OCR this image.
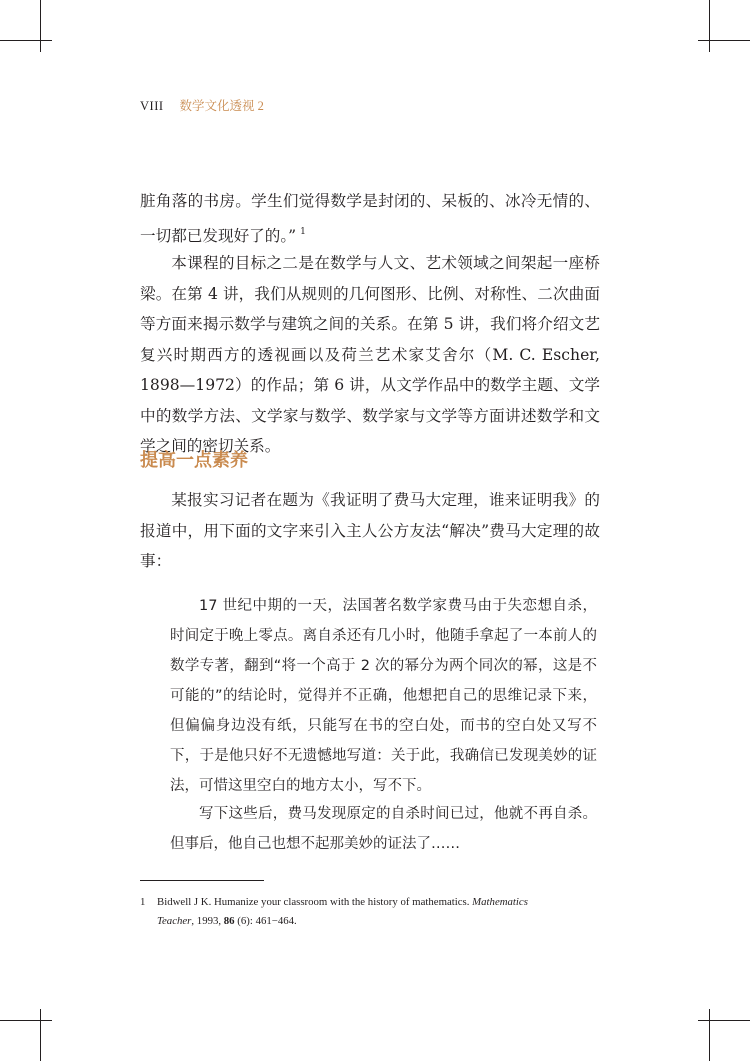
VIII 数学文化透视 2

脏角落的书房。学生们觉得数学是封闭的、呆板的、冰冷无情的、一切都已发现好了的。” $^1$

本课程的目标之二是在数学与人文、艺术领域之间架起一座桥梁。在第 4 讲，我们从规则的几何图形、比例、对称性、二次曲面等方面来揭示数学与建筑之间的关系。在第 5 讲，我们将介绍文艺复兴时期西方的透视画以及荷兰艺术家艾舍尔（M. C. Escher, 1898—1972）的作品；第 6 讲，从文学作品中的数学主题、文学中的数学方法、文学家与数学、数学家与文学等方面讲述数学和文学之间的密切关系。

提高一点素养

某报实习记者在题为《我证明了费马大定理，谁来证明我》的报道中，用下面的文字来引入主人公方友法“解决”费马大定理的故事：

17 世纪中期的一天，法国著名数学家费马由于失恋想自杀，时间定于晚上零点。离自杀还有几小时，他随手拿起了一本前人的数学专著，翻到“将一个高于 2 次的幂分为两个同次的幂，这是不可能的”的结论时，觉得并不正确，他想把自己的思维记录下来，但偏偏身边没有纸，只能写在书的空白处，而书的空白处又写不下，于是他只好不无遗憾地写道：关于此，我确信已发现美妙的证法，可惜这里空白的地方太小，写不下。

写下这些后，费马发现原定的自杀时间已过，他就不再自杀。但事后，他自己也想不起那美妙的证法了……

1 Bidwell J K. Humanize your classroom with the history of mathematics. Mathematics
Teacher, 1993, 86 (6): 461−464.
